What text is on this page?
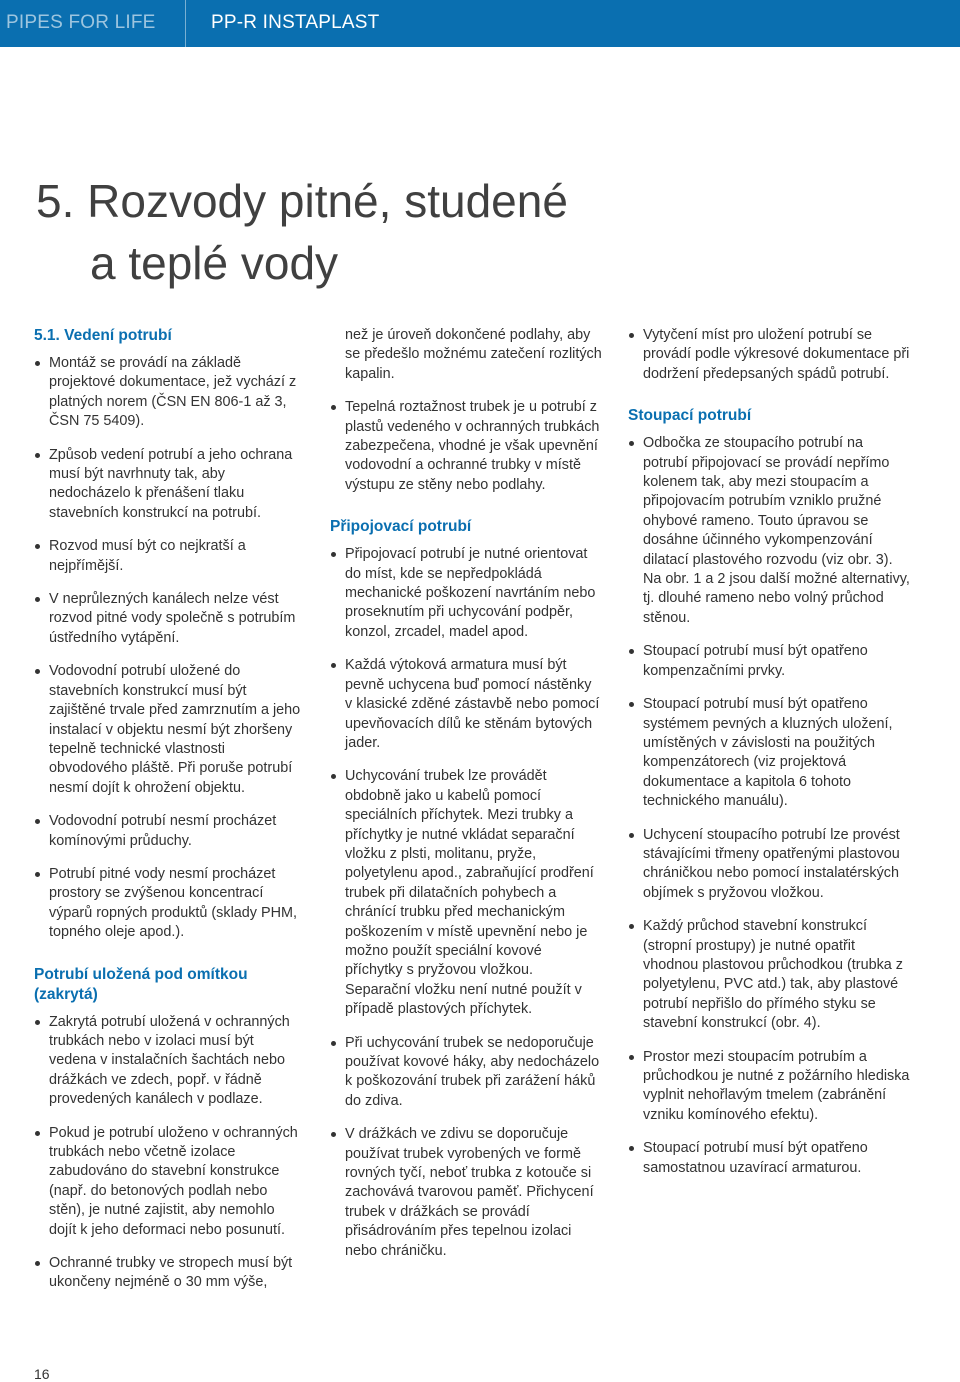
PIPES FOR LIFE	PP-R INSTAPLAST
5. Rozvody pitné, studené
a teplé vody
5.1. Vedení potrubí
Montáž se provádí na základě projektové dokumentace, jež vychází z platných norem (ČSN EN 806-1 až 3, ČSN 75 5409).
Způsob vedení potrubí a jeho ochrana musí být navrhnuty tak, aby nedocházelo k přenášení tlaku stavebních konstrukcí na potrubí.
Rozvod musí být co nejkratší a nejpřímější.
V neprůlezných kanálech nelze vést rozvod pitné vody společně s potrubím ústředního vytápění.
Vodovodní potrubí uložené do stavebních konstrukcí musí být zajištěné trvale před zamrznutím a jeho instalací v objektu nesmí být zhoršeny tepelně technické vlastnosti obvodového pláště. Při poruše potrubí nesmí dojít k ohrožení objektu.
Vodovodní potrubí nesmí procházet komínovými průduchy.
Potrubí pitné vody nesmí procházet prostory se zvýšenou koncentrací výparů ropných produktů (sklady PHM, topného oleje apod.).
Potrubí uložená pod omítkou (zakrytá)
Zakrytá potrubí uložená v ochranných trubkách nebo v izolaci musí být vedena v instalačních šachtách nebo drážkách ve zdech, popř. v řádně provedených kanálech v podlaze.
Pokud je potrubí uloženo v ochranných trubkách nebo včetně izolace zabudováno do stavební konstrukce (např. do betonových podlah nebo stěn), je nutné zajistit, aby nemohlo dojít k jeho deformaci nebo posunutí.
Ochranné trubky ve stropech musí být ukončeny nejméně o 30 mm výše,

než je úroveň dokončené podlahy, aby se předešlo možnému zatečení rozlitých kapalin.

Tepelná roztažnost trubek je u potrubí z plastů vedeného v ochranných trubkách zabezpečena, vhodné je však upevnění vodovodní a ochranné trubky v místě výstupu ze stěny nebo podlahy.
Připojovací potrubí
Připojovací potrubí je nutné orientovat do míst, kde se nepředpokládá mechanické poškození navrtáním nebo proseknutím při uchycování podpěr, konzol, zrcadel, madel apod.
Každá výtoková armatura musí být pevně uchycena buď pomocí nástěnky v klasické zděné zástavbě nebo pomocí upevňovacích dílů ke stěnám bytových jader.
Uchycování trubek lze provádět obdobně jako u kabelů pomocí speciálních příchytek. Mezi trubky a příchytky je nutné vkládat separační vložku z plsti, molitanu, pryže, polyetylenu apod., zabraňující prodření trubek při dilatačních pohybech a chránící trubku před mechanickým poškozením v místě upevnění nebo je možno použít speciální kovové příchytky s pryžovou vložkou. Separační vložku není nutné použít v případě plastových příchytek.
Při uchycování trubek se nedoporučuje používat kovové háky, aby nedocházelo k poškozování trubek při zarážení háků do zdiva.
V drážkách ve zdivu se doporučuje používat trubek vyrobených ve formě rovných tyčí, neboť trubka z kotouče si zachovává tvarovou paměť. Přichycení trubek v drážkách se provádí přisádrováním přes tepelnou izolaci nebo chráničku.
Vytyčení míst pro uložení potrubí se provádí podle výkresové dokumentace při dodržení předepsaných spádů potrubí.
Stoupací potrubí
Odbočka ze stoupacího potrubí na potrubí připojovací se provádí nepřímo kolenem tak, aby mezi stoupacím a připojovacím potrubím vzniklo pružné ohybové rameno. Touto úpravou se dosáhne účinného vykompenzování dilatací plastového rozvodu (viz obr. 3). Na obr. 1 a 2 jsou další možné alternativy, tj. dlouhé rameno nebo volný průchod stěnou.
Stoupací potrubí musí být opatřeno kompenzačními prvky.
Stoupací potrubí musí být opatřeno systémem pevných a kluzných uložení, umístěných v závislosti na použitých kompenzátorech (viz projektová dokumentace a kapitola 6 tohoto technického manuálu).
Uchycení stoupacího potrubí lze provést stávajícími třmeny opatřenými plastovou chráničkou nebo pomocí instalatérských objímek s pryžovou vložkou.
Každý průchod stavební konstrukcí (stropní prostupy) je nutné opatřit vhodnou plastovou průchodkou (trubka z polyetylenu, PVC atd.) tak, aby plastové potrubí nepřišlo do přímého styku se stavební konstrukcí (obr. 4).
Prostor mezi stoupacím potrubím a průchodkou je nutné z požárního hlediska vyplnit nehořlavým tmelem (zabránění vzniku komínového efektu).
Stoupací potrubí musí být opatřeno samostatnou uzavírací armaturou.
16
